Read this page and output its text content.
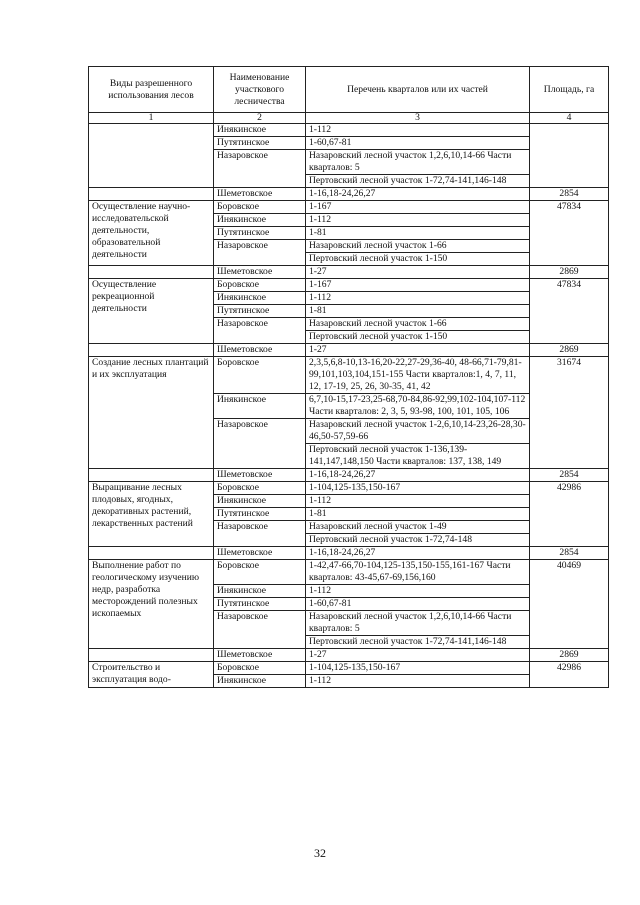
Виды разрешенного использования лесов	Наименование участкового лесничества	Перечень кварталов или их частей	Площадь, га
1	2	3	4
	Инякинское	1-112	
	Путятинское	1-60,67-81	
	Назаровское	Назаровский лесной участок 1,2,6,10,14-66 Части кварталов: 5	
		Пертовский лесной участок 1-72,74-141,146-148	
	Шеметовское	1-16,18-24,26,27	2854
Осуществление научно-исследовательской деятельности, образовательной деятельности	Боровское	1-167	47834
	Инякинское	1-112	
	Путятинское	1-81	
	Назаровское	Назаровский лесной участок 1-66	
		Пертовский лесной участок 1-150	
	Шеметовское	1-27	2869
Осуществление рекреационной деятельности	Боровское	1-167	47834
	Инякинское	1-112	
	Путятинское	1-81	
	Назаровское	Назаровский лесной участок 1-66	
		Пертовский лесной участок 1-150	
	Шеметовское	1-27	2869
Создание лесных плантаций и их эксплуатация	Боровское	2,3,5,6,8-10,13-16,20-22,27-29,36-40, 48-66,71-79,81-99,101,103,104,151-155 Части кварталов:1, 4, 7, 11, 12, 17-19, 25, 26, 30-35, 41, 42	31674
	Инякинское	6,7,10-15,17-23,25-68,70-84,86-92,99,102-104,107-112 Части кварталов: 2, 3, 5, 93-98, 100, 101, 105, 106	
	Назаровское	Назаровский лесной участок 1-2,6,10,14-23,26-28,30-46,50-57,59-66	
		Пертовский лесной участок 1-136,139-141,147,148,150 Части кварталов: 137, 138, 149	
	Шеметовское	1-16,18-24,26,27	2854
Выращивание лесных плодовых, ягодных, декоративных растений, лекарственных растений	Боровское	1-104,125-135,150-167	42986
	Инякинское	1-112	
	Путятинское	1-81	
	Назаровское	Назаровский лесной участок 1-49	
		Пертовский лесной участок 1-72,74-148	
	Шеметовское	1-16,18-24,26,27	2854
Выполнение работ по геологическому изучению недр, разработка месторождений полезных ископаемых	Боровское	1-42,47-66,70-104,125-135,150-155,161-167 Части кварталов: 43-45,67-69,156,160	40469
	Инякинское	1-112	
	Путятинское	1-60,67-81	
	Назаровское	Назаровский лесной участок 1,2,6,10,14-66 Части кварталов: 5	
		Пертовский лесной участок 1-72,74-141,146-148	
	Шеметовское	1-27	2869
Строительство и эксплуатация водо-	Боровское	1-104,125-135,150-167	42986
	Инякинское	1-112	
32
